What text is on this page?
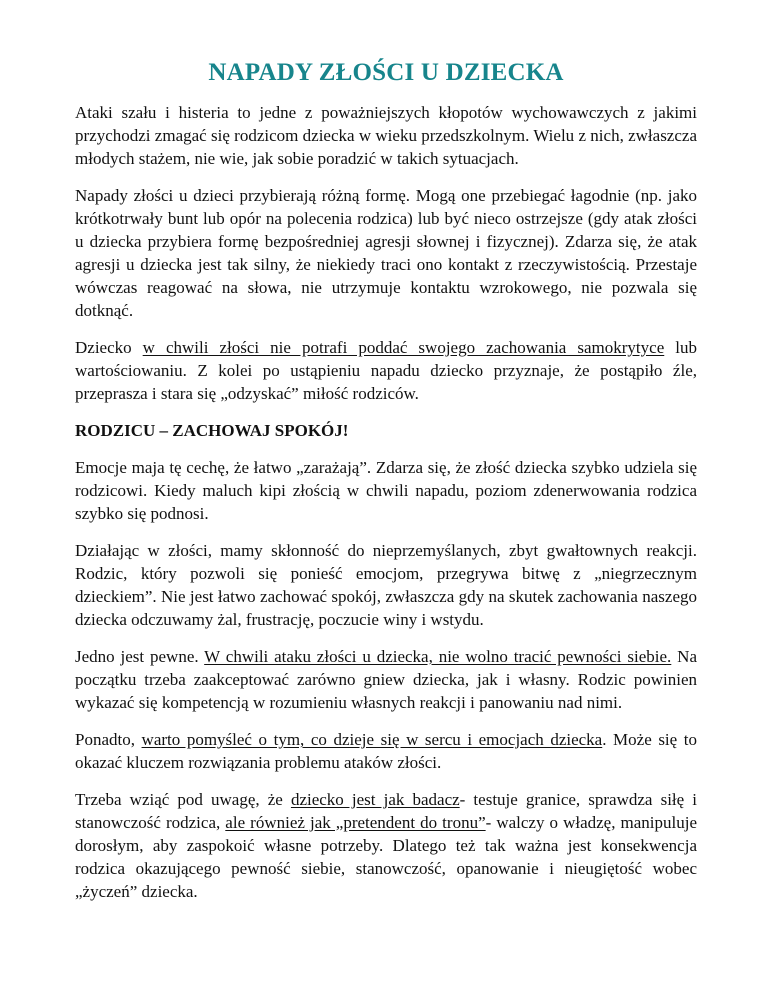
NAPADY ZŁOŚCI U DZIECKA

Ataki szału i histeria to jedne z poważniejszych kłopotów wychowawczych z jakimi przychodzi zmagać się rodzicom dziecka w wieku przedszkolnym. Wielu z nich, zwłaszcza młodych stażem, nie wie, jak sobie poradzić w takich sytuacjach.

Napady złości u dzieci przybierają różną formę. Mogą one przebiegać łagodnie (np. jako krótkotrwały bunt lub opór na polecenia rodzica) lub być nieco ostrzejsze (gdy atak złości u dziecka przybiera formę bezpośredniej agresji słownej i fizycznej). Zdarza się, że atak agresji u dziecka jest tak silny, że niekiedy traci ono kontakt z rzeczywistością. Przestaje wówczas reagować na słowa, nie utrzymuje kontaktu wzrokowego, nie pozwala się dotknąć.

Dziecko w chwili złości nie potrafi poddać swojego zachowania samokrytyce lub wartościowaniu. Z kolei po ustąpieniu napadu dziecko przyznaje, że postąpiło źle, przeprasza i stara się „odzyskać” miłość rodziców.

RODZICU – ZACHOWAJ SPOKÓJ!

Emocje maja tę cechę, że łatwo „zarażają”. Zdarza się, że złość dziecka szybko udziela się rodzicowi. Kiedy maluch kipi złością w chwili napadu, poziom zdenerwowania rodzica szybko się podnosi.

Działając w złości, mamy skłonność do nieprzemyślanych, zbyt gwałtownych reakcji. Rodzic, który pozwoli się ponieść emocjom, przegrywa bitwę z „niegrzecznym dzieckiem”. Nie jest łatwo zachować spokój, zwłaszcza gdy na skutek zachowania naszego dziecka odczuwamy żal, frustrację, poczucie winy i wstydu.

Jedno jest pewne. W chwili ataku złości u dziecka, nie wolno tracić pewności siebie. Na początku trzeba zaakceptować zarówno gniew dziecka, jak i własny. Rodzic powinien wykazać się kompetencją w rozumieniu własnych reakcji i panowaniu nad nimi.

Ponadto, warto pomyśleć o tym, co dzieje się w sercu i emocjach dziecka. Może się to okazać kluczem rozwiązania problemu ataków złości.

Trzeba wziąć pod uwagę, że dziecko jest jak badacz- testuje granice, sprawdza siłę i stanowczość rodzica, ale również jak „pretendent do tronu”- walczy o władzę, manipuluje dorosłym, aby zaspokoić własne potrzeby. Dlatego też tak ważna jest konsekwencja rodzica okazującego pewność siebie, stanowczość, opanowanie i nieugiętość wobec „życzeń” dziecka.
